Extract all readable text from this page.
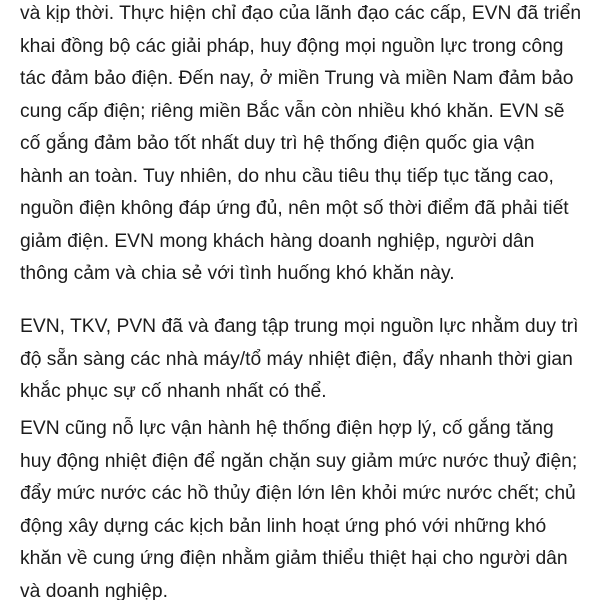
và kịp thời. Thực hiện chỉ đạo của lãnh đạo các cấp, EVN đã triển
khai đồng bộ các giải pháp, huy động mọi nguồn lực trong công
tác đảm bảo điện. Đến nay, ở miền Trung và miền Nam đảm bảo
cung cấp điện; riêng miền Bắc vẫn còn nhiều khó khăn. EVN sẽ
cố gắng đảm bảo tốt nhất duy trì hệ thống điện quốc gia vận
hành an toàn. Tuy nhiên, do nhu cầu tiêu thụ tiếp tục tăng cao,
nguồn điện không đáp ứng đủ, nên một số thời điểm đã phải tiết
giảm điện. EVN mong khách hàng doanh nghiệp, người dân
thông cảm và chia sẻ với tình huống khó khăn này.
EVN, TKV, PVN đã và đang tập trung mọi nguồn lực nhằm duy trì
độ sẵn sàng các nhà máy/tổ máy nhiệt điện, đẩy nhanh thời gian
khắc phục sự cố nhanh nhất có thể.
EVN cũng nỗ lực vận hành hệ thống điện hợp lý, cố gắng tăng
huy động nhiệt điện để ngăn chặn suy giảm mức nước thuỷ điện;
đẩy mức nước các hồ thủy điện lớn lên khỏi mức nước chết; chủ
động xây dựng các kịch bản linh hoạt ứng phó với những khó
khăn về cung ứng điện nhằm giảm thiểu thiệt hại cho người dân
và doanh nghiệp.
